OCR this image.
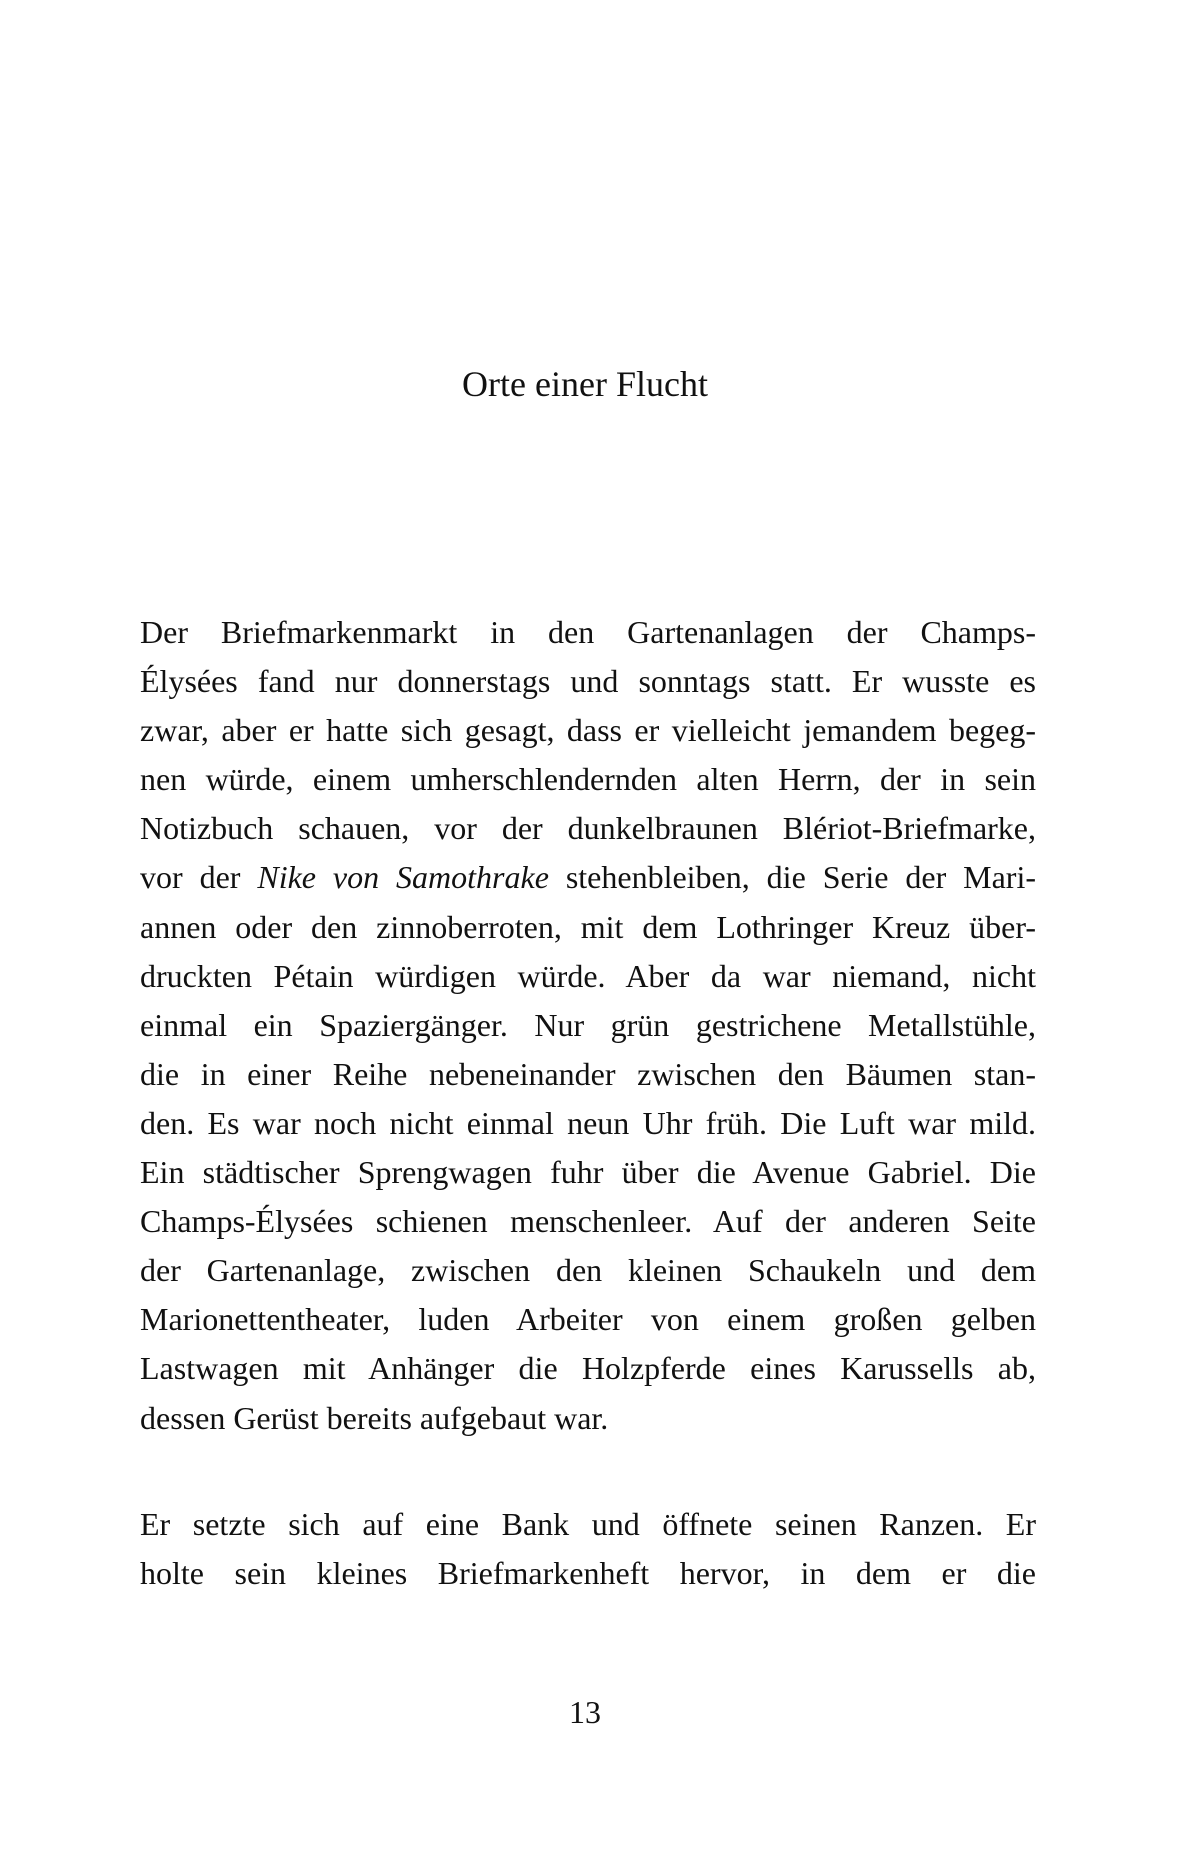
Orte einer Flucht
Der Briefmarkenmarkt in den Gartenanlagen der Champs-
Élysées fand nur donnerstags und sonntags statt. Er wusste es
zwar, aber er hatte sich gesagt, dass er vielleicht jemandem begeg-
nen würde, einem umherschlendernden alten Herrn, der in sein
Notizbuch schauen, vor der dunkelbraunen Blériot-Briefmarke,
vor der Nike von Samothrake stehenbleiben, die Serie der Mari-
annen oder den zinnoberroten, mit dem Lothringer Kreuz über-
druckten Pétain würdigen würde. Aber da war niemand, nicht
einmal ein Spaziergänger. Nur grün gestrichene Metallstühle,
die in einer Reihe nebeneinander zwischen den Bäumen stan-
den. Es war noch nicht einmal neun Uhr früh. Die Luft war mild.
Ein städtischer Sprengwagen fuhr über die Avenue Gabriel. Die
Champs-Élysées schienen menschenleer. Auf der anderen Seite
der Gartenanlage, zwischen den kleinen Schaukeln und dem
Marionettentheater, luden Arbeiter von einem großen gelben
Lastwagen mit Anhänger die Holzpferde eines Karussells ab,
dessen Gerüst bereits aufgebaut war.
Er setzte sich auf eine Bank und öffnete seinen Ranzen. Er
holte sein kleines Briefmarkenheft hervor, in dem er die
13
